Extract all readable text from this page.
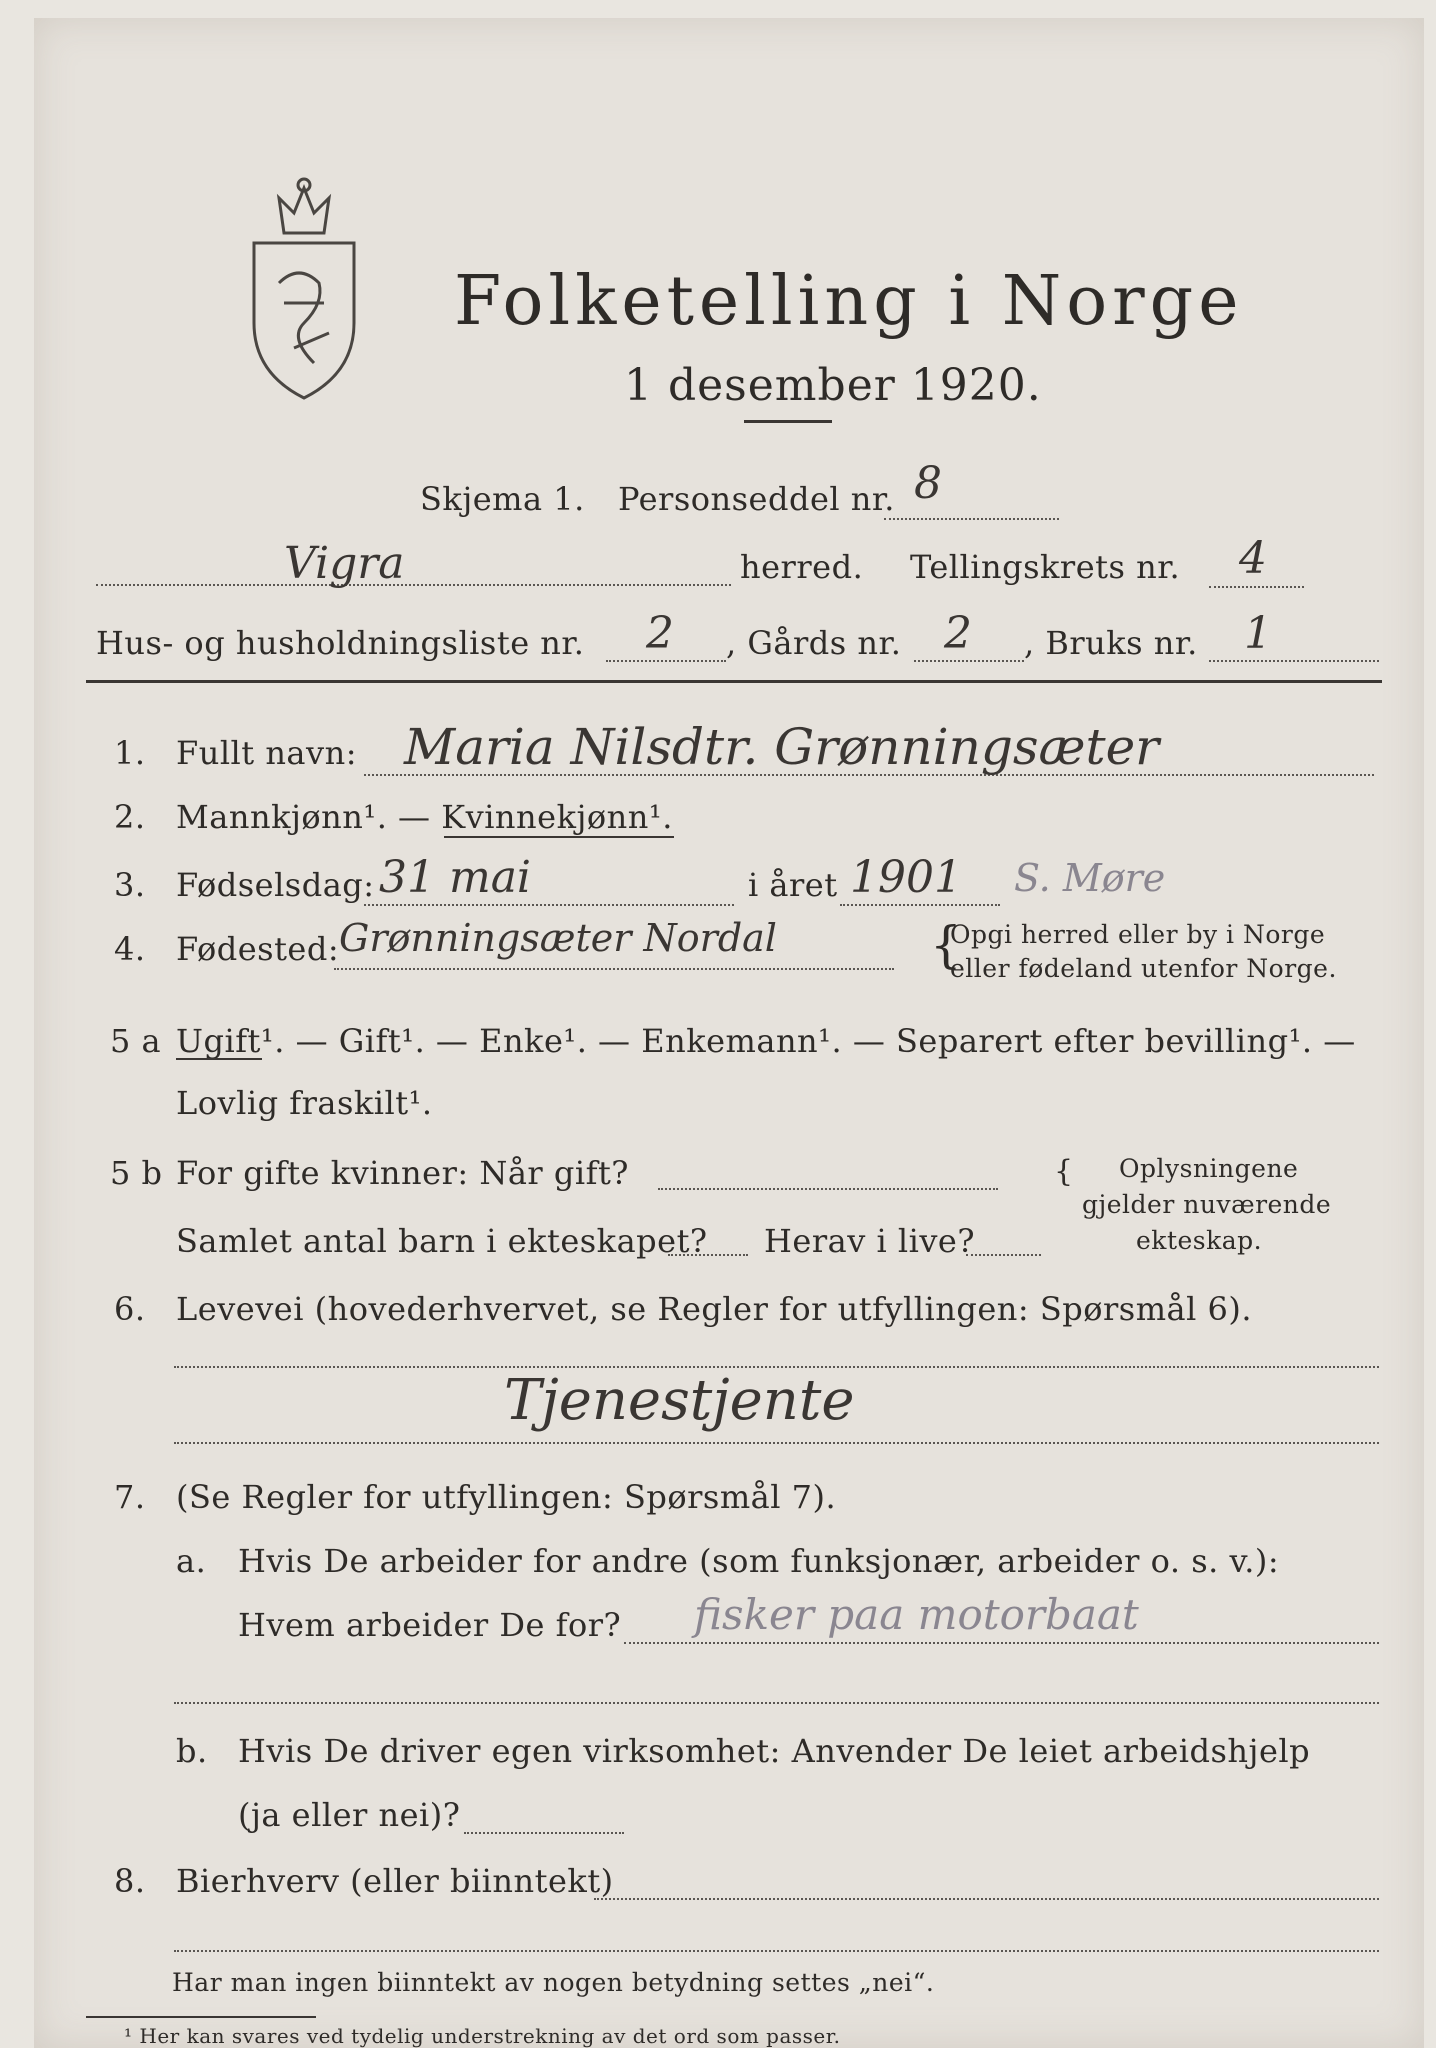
Folketelling i Norge
1 desember 1920.
Skjema 1. Personseddel nr. 8
Vigra	herred. Tellingskrets nr. 4
Hus- og husholdningsliste nr. 2 , Gårds nr. 2 , Bruks nr. 1
1. Fullt navn: Maria Nilsdtr. Grønningsæter
2. Mannkjønn¹. — Kvinnekjønn¹.
3. Fødselsdag: 31 mai	i året 1901 S. Møre
4. Fødested: Grønningsæter Nordal	Opgi herred eller by i Norge
eller fødeland utenfor Norge.
{
5 a Ugift¹. — Gift¹. — Enke¹. — Enkemann¹. — Separert efter bevilling¹. —
Lovlig fraskilt¹.
5 b For gifte kvinner: Når gift?
Samlet antal barn i ekteskapet? Herav i live?
{ Oplysningene
gjelder nuværende
ekteskap.
6. Levevei (hovederhvervet, se Regler for utfyllingen: Spørsmål 6).
Tjenestjente
7. (Se Regler for utfyllingen: Spørsmål 7).
a. Hvis De arbeider for andre (som funksjonær, arbeider o. s. v.):
Hvem arbeider De for? fisker paa motorbaat
b. Hvis De driver egen virksomhet: Anvender De leiet arbeidshjelp
(ja eller nei)?
8. Bierhverv (eller biinntekt)
Har man ingen biinntekt av nogen betydning settes „nei“.
¹ Her kan svares ved tydelig understrekning av det ord som passer.
